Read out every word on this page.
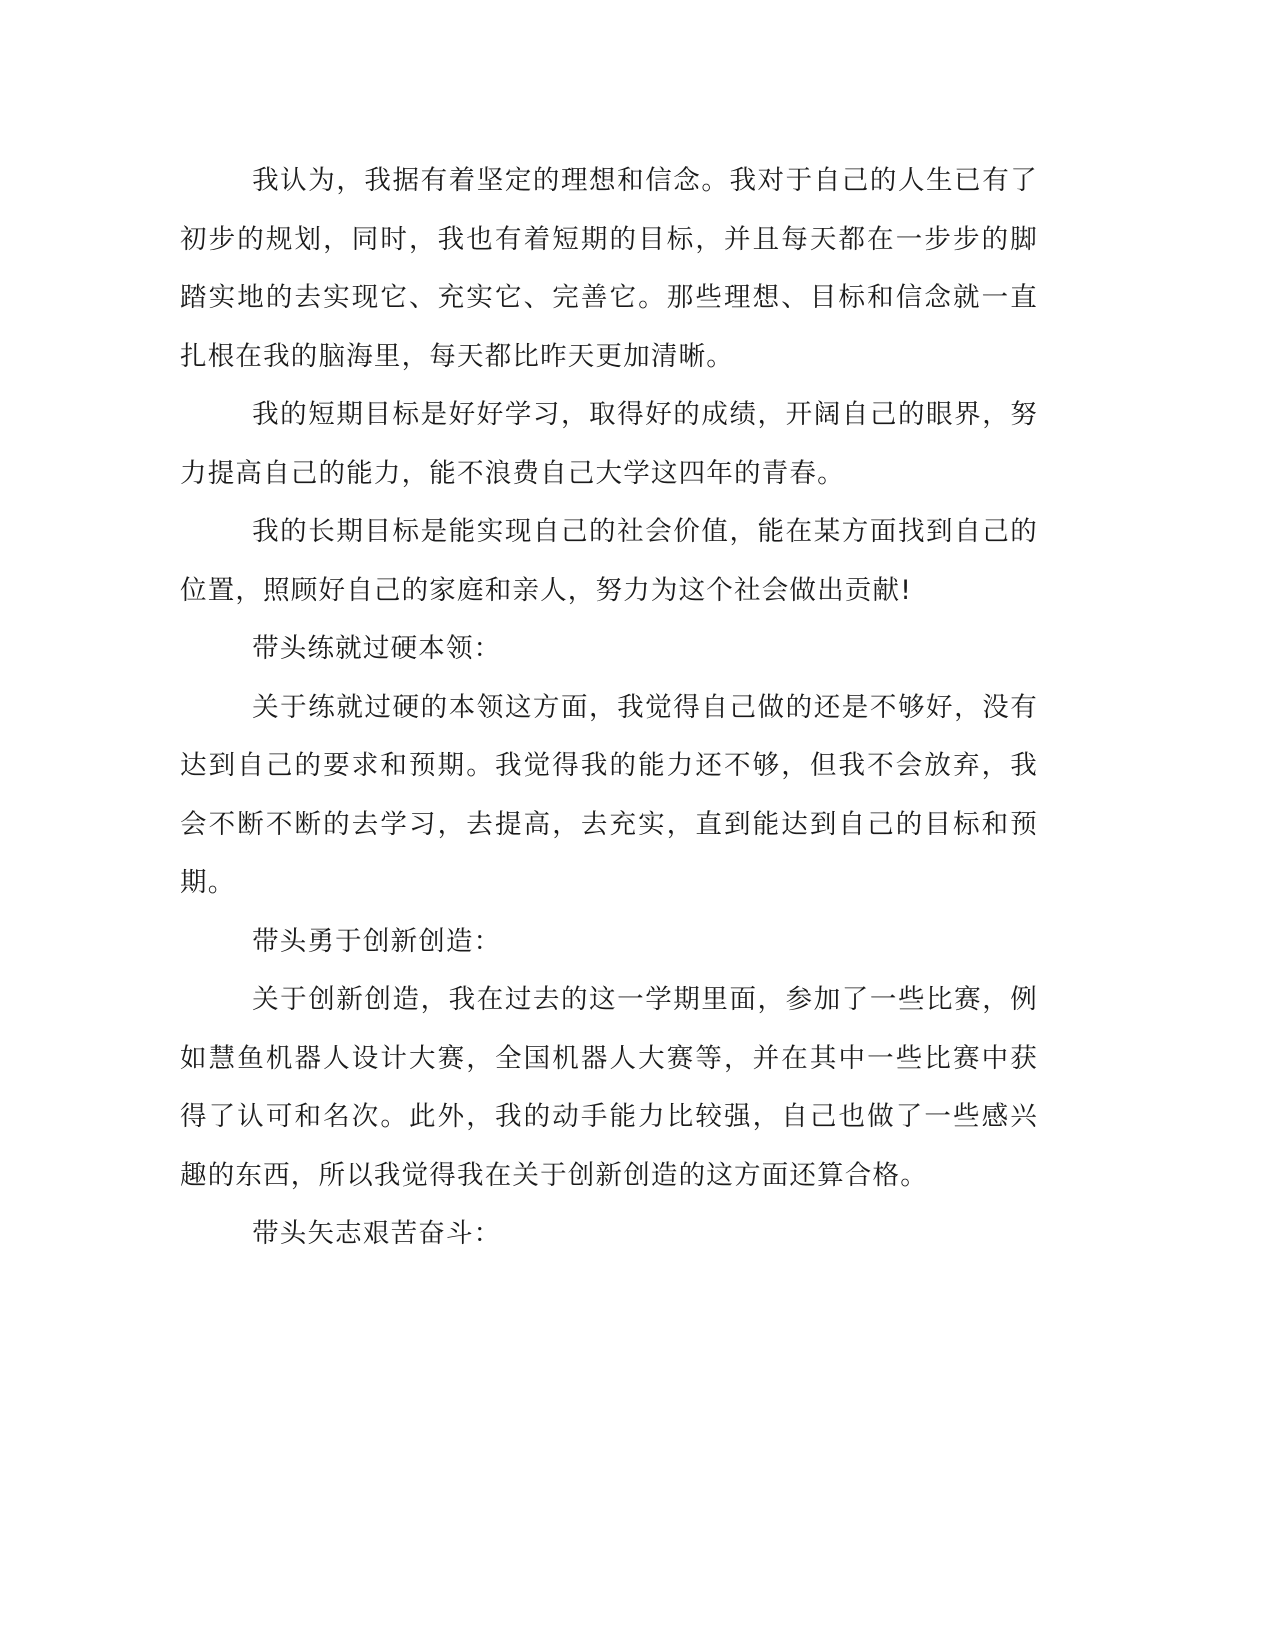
我认为，我据有着坚定的理想和信念。我对于自己的人生已有了初步的规划，同时，我也有着短期的目标，并且每天都在一步步的脚踏实地的去实现它、充实它、完善它。那些理想、目标和信念就一直扎根在我的脑海里，每天都比昨天更加清晰。

我的短期目标是好好学习，取得好的成绩，开阔自己的眼界，努力提高自己的能力，能不浪费自己大学这四年的青春。

我的长期目标是能实现自己的社会价值，能在某方面找到自己的位置，照顾好自己的家庭和亲人，努力为这个社会做出贡献!

带头练就过硬本领：

关于练就过硬的本领这方面，我觉得自己做的还是不够好，没有达到自己的要求和预期。我觉得我的能力还不够，但我不会放弃，我会不断不断的去学习，去提高，去充实，直到能达到自己的目标和预期。

带头勇于创新创造：

关于创新创造，我在过去的这一学期里面，参加了一些比赛，例如慧鱼机器人设计大赛，全国机器人大赛等，并在其中一些比赛中获得了认可和名次。此外，我的动手能力比较强，自己也做了一些感兴趣的东西，所以我觉得我在关于创新创造的这方面还算合格。

带头矢志艰苦奋斗：
